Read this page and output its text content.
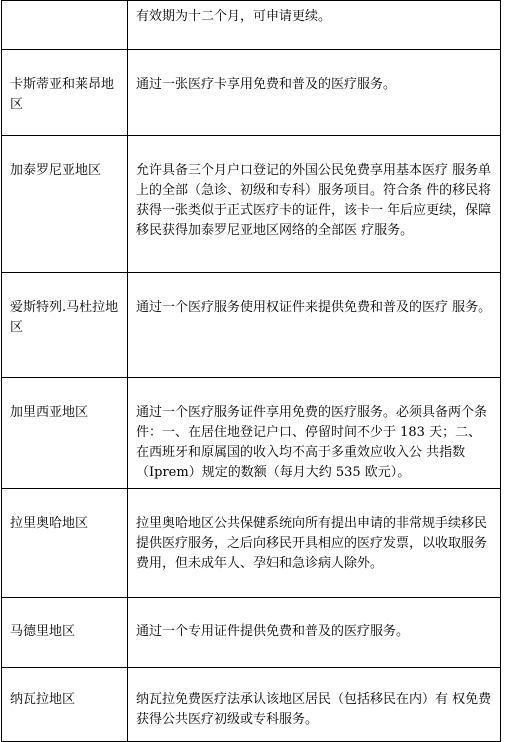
	有效期为十二个月，可申请更续。

卡斯蒂亚和莱昂地区	通过一张医疗卡享用免费和普及的医疗服务。

加泰罗尼亚地区	允许具备三个月户口登记的外国公民免费享用基本医疗 服务单上的全部（急诊、初级和专科）服务项目。符合条 件的移民将获得一张类似于正式医疗卡的证件，该卡一 年后应更续，保障移民获得加泰罗尼亚地区网络的全部医 疗服务。

爱斯特列.马杜拉地区	通过一个医疗服务使用权证件来提供免费和普及的医疗 服务。

加里西亚地区	通过一个医疗服务证件享用免费的医疗服务。必须具备两个条件：一、在居住地登记户口、停留时间不少于 183 天；二、在西班牙和原属国的收入均不高于多重效应收入公 共指数（Iprem）规定的数额（每月大约 535 欧元）。

拉里奥哈地区	拉里奥哈地区公共保健系统向所有提出申请的非常规手续移民提供医疗服务，之后向移民开具相应的医疗发票，以收取服务费用，但未成年人、孕妇和急诊病人除外。

马德里地区	通过一个专用证件提供免费和普及的医疗服务。

纳瓦拉地区	纳瓦拉免费医疗法承认该地区居民（包括移民在内）有 权免费获得公共医疗初级或专科服务。
